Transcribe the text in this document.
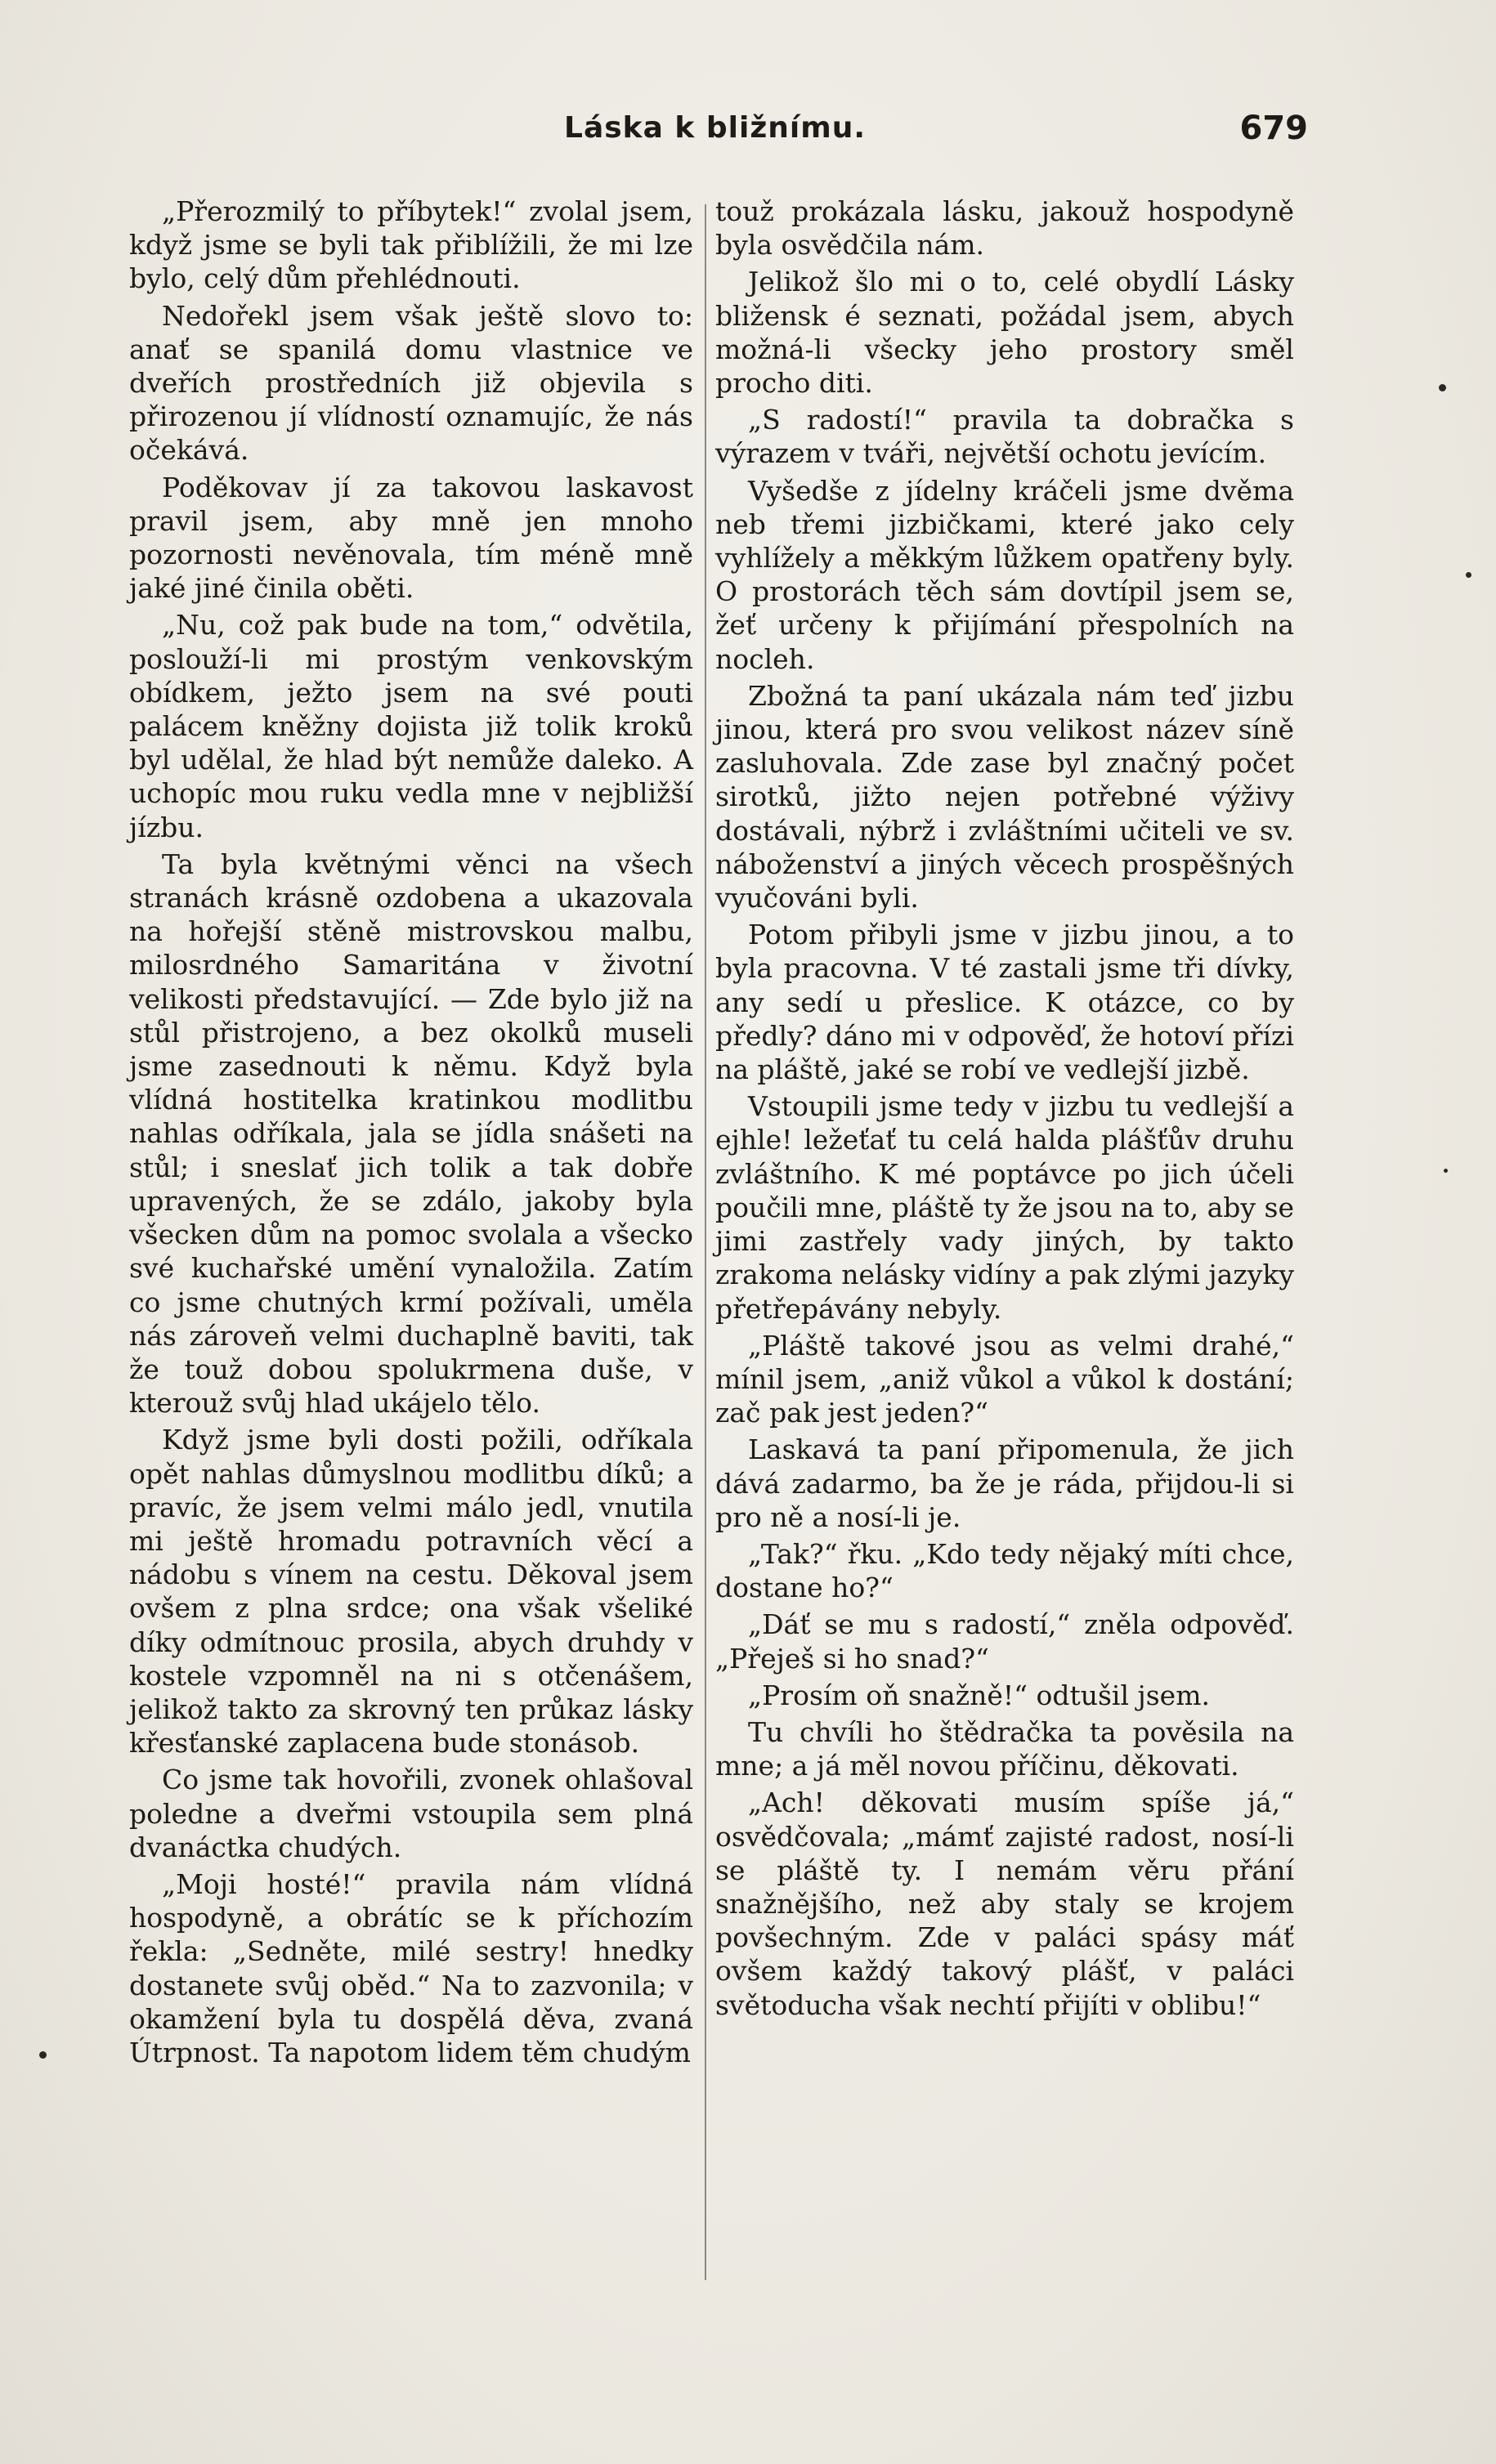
Láska k bližnímu.	679

„Přerozmilý to příbytek!“ zvolal jsem, když jsme se byli tak přiblížili, že mi lze bylo, celý dům přehlédnouti.

Nedořekl jsem však ještě slovo to: anať se spanilá domu vlastnice ve dveřích prostředních již objevila s přirozenou jí vlídností oznamujíc, že nás očekává.

Poděkovav jí za takovou laskavost pravil jsem, aby mně jen mnoho pozornosti nevěnovala, tím méně mně jaké jiné činila oběti.

„Nu, což pak bude na tom,“ odvětila, poslouží-li mi prostým venkovským obídkem, ježto jsem na své pouti palácem kněžny dojista již tolik kroků byl udělal, že hlad být nemůže daleko. A uchopíc mou ruku vedla mne v nejbližší jízbu.

Ta byla květnými věnci na všech stranách krásně ozdobena a ukazovala na hořejší stěně mistrovskou malbu, milosrdného Samaritána v životní velikosti představující. — Zde bylo již na stůl přistrojeno, a bez okolků museli jsme zasednouti k němu. Když byla vlídná hostitelka kratinkou modlitbu nahlas odříkala, jala se jídla snášeti na stůl; i sneslať jich tolik a tak dobře upravených, že se zdálo, jakoby byla všecken dům na pomoc svolala a všecko své kuchařské umění vynaložila. Zatím co jsme chutných krmí požívali, uměla nás zároveň velmi duchaplně baviti, tak že touž dobou spolukrmena duše, v kterouž svůj hlad ukájelo tělo.

Když jsme byli dosti požili, odříkala opět nahlas důmyslnou modlitbu díků; a pravíc, že jsem velmi málo jedl, vnutila mi ještě hromadu potravních věcí a nádobu s vínem na cestu. Děkoval jsem ovšem z plna srdce; ona však všeliké díky odmítnouc prosila, abych druhdy v kostele vzpomněl na ni s otčenášem, jelikož takto za skrovný ten průkaz lásky křesťanské zaplacena bude stonásob.

Co jsme tak hovořili, zvonek ohlašoval poledne a dveřmi vstoupila sem plná dvanáctka chudých.

„Moji hosté!“ pravila nám vlídná hospodyně, a obrátíc se k příchozím řekla: „Sedněte, milé sestry! hnedky dostanete svůj oběd.“ Na to zazvonila; v okamžení byla tu dospělá děva, zvaná Útrpnost. Ta napotom lidem těm chudým

touž prokázala lásku, jakouž hospodyně byla osvědčila nám.

Jelikož šlo mi o to, celé obydlí Lásky bližensk é seznati, požádal jsem, abych možná-li všecky jeho prostory směl procho diti.

„S radostí!“ pravila ta dobračka s výrazem v tváři, největší ochotu jevícím.

Vyšedše z jídelny kráčeli jsme dvěma neb třemi jizbičkami, které jako cely vyhlížely a měkkým lůžkem opatřeny byly. O prostorách těch sám dovtípil jsem se, žeť určeny k přijímání přespolních na nocleh.

Zbožná ta paní ukázala nám teď jizbu jinou, která pro svou velikost název síně zasluhovala. Zde zase byl značný počet sirotků, jižto nejen potřebné výživy dostávali, nýbrž i zvláštními učiteli ve sv. náboženství a jiných věcech prospěšných vyučováni byli.

Potom přibyli jsme v jizbu jinou, a to byla pracovna. V té zastali jsme tři dívky, any sedí u přeslice. K otázce, co by předly? dáno mi v odpověď, že hotoví přízi na pláště, jaké se robí ve vedlejší jizbě.

Vstoupili jsme tedy v jizbu tu vedlejší a ejhle! ležeťať tu celá halda plášťův druhu zvláštního. K mé poptávce po jich účeli poučili mne, pláště ty že jsou na to, aby se jimi zastřely vady jiných, by takto zrakoma nelásky vidíny a pak zlými jazyky přetřepávány nebyly.

„Pláště takové jsou as velmi drahé,“ mínil jsem, „aniž vůkol a vůkol k dostání; zač pak jest jeden?“

Laskavá ta paní připomenula, že jich dává zadarmo, ba že je ráda, přijdou-li si pro ně a nosí-li je.

„Tak?“ řku. „Kdo tedy nějaký míti chce, dostane ho?“

„Dáť se mu s radostí,“ zněla odpověď. „Přeješ si ho snad?“

„Prosím oň snažně!“ odtušil jsem.

Tu chvíli ho štědračka ta pověsila na mne; a já měl novou příčinu, děkovati.

„Ach! děkovati musím spíše já,“ osvědčovala; „mámť zajisté radost, nosí-li se pláště ty. I nemám věru přání snažnějšího, než aby staly se krojem povšechným. Zde v paláci spásy máť ovšem každý takový plášť, v paláci světoducha však nechtí přijíti v oblibu!“
